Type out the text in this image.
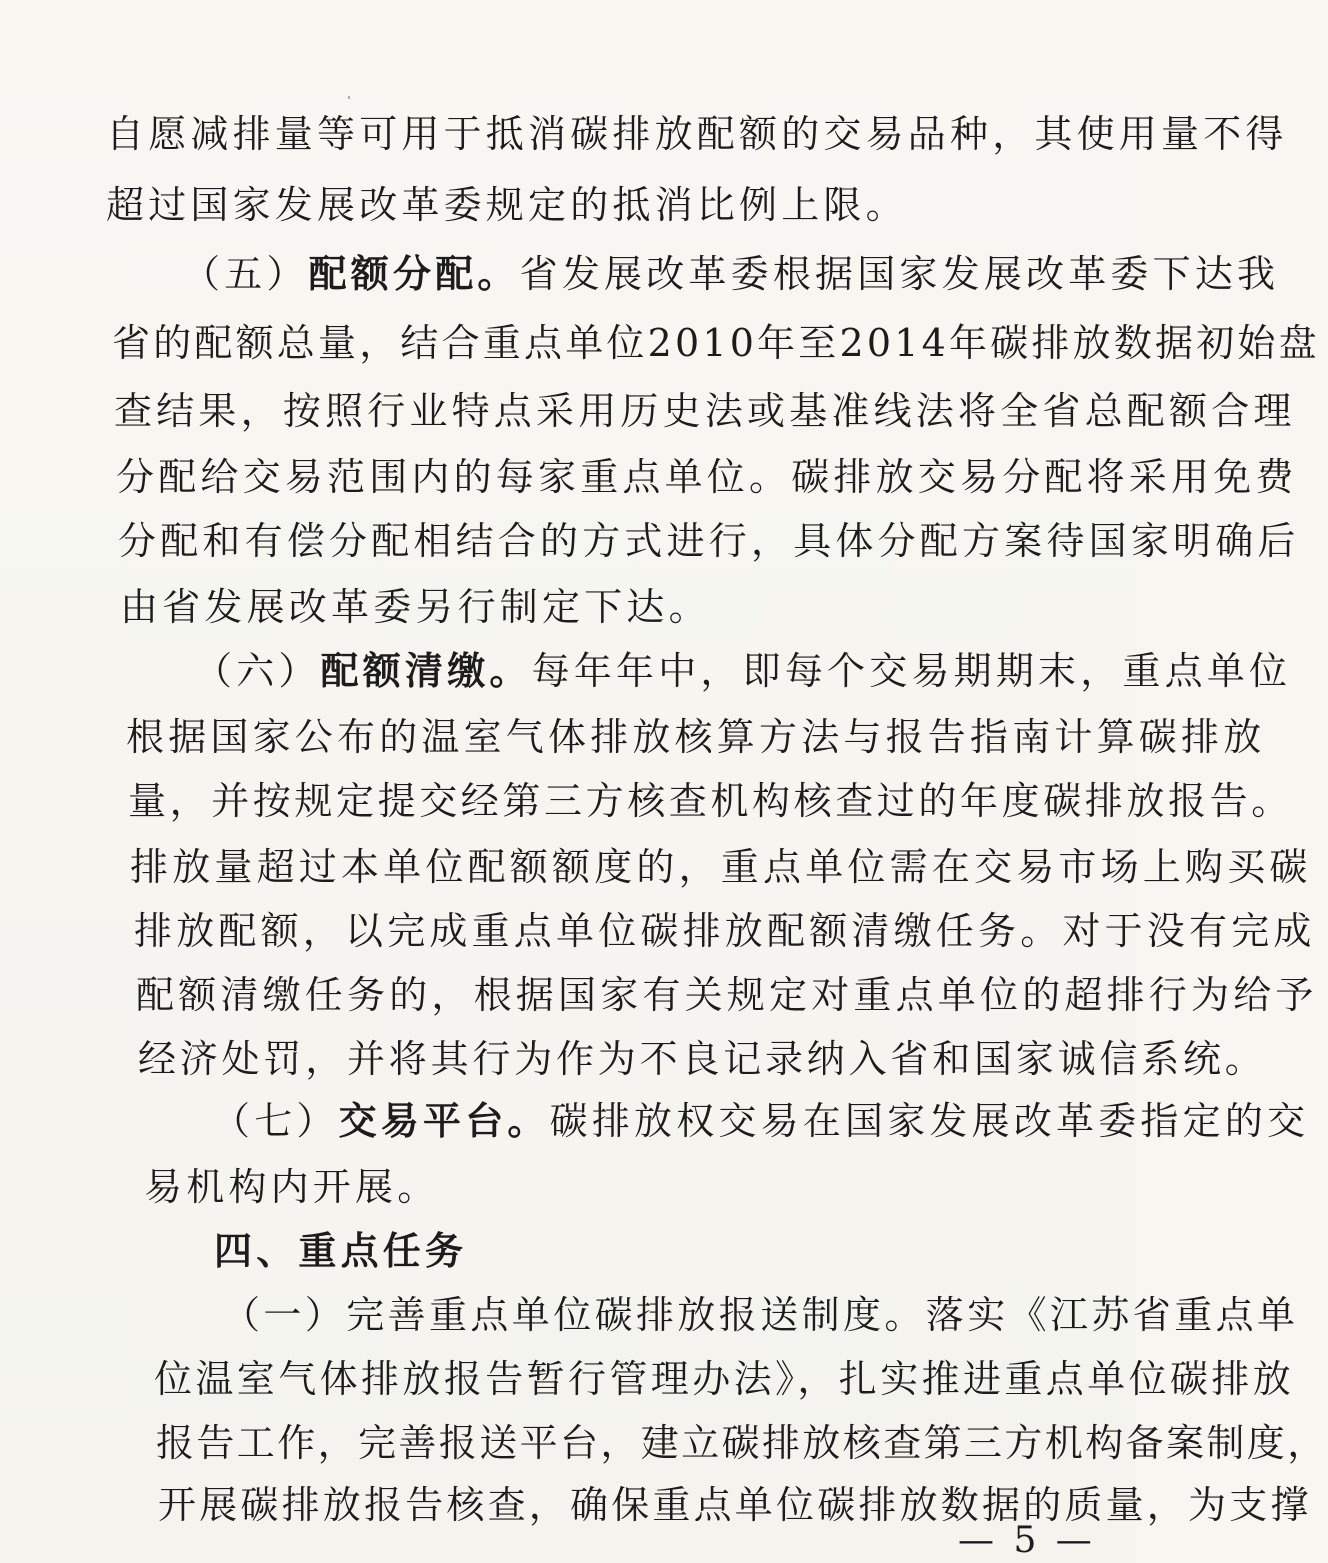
自愿减排量等可用于抵消碳排放配额的交易品种，其使用量不得
超过国家发展改革委规定的抵消比例上限。
（五）配额分配。省发展改革委根据国家发展改革委下达我
省的配额总量，结合重点单位2010年至2014年碳排放数据初始盘
查结果，按照行业特点采用历史法或基准线法将全省总配额合理
分配给交易范围内的每家重点单位。碳排放交易分配将采用免费
分配和有偿分配相结合的方式进行，具体分配方案待国家明确后
由省发展改革委另行制定下达。
（六）配额清缴。每年年中，即每个交易期期末，重点单位
根据国家公布的温室气体排放核算方法与报告指南计算碳排放
量，并按规定提交经第三方核查机构核查过的年度碳排放报告。
排放量超过本单位配额额度的，重点单位需在交易市场上购买碳
排放配额，以完成重点单位碳排放配额清缴任务。对于没有完成
配额清缴任务的，根据国家有关规定对重点单位的超排行为给予
经济处罚，并将其行为作为不良记录纳入省和国家诚信系统。
（七）交易平台。碳排放权交易在国家发展改革委指定的交
易机构内开展。
四、重点任务
（一）完善重点单位碳排放报送制度。落实《江苏省重点单
位温室气体排放报告暂行管理办法》，扎实推进重点单位碳排放
报告工作，完善报送平台，建立碳排放核查第三方机构备案制度，
开展碳排放报告核查，确保重点单位碳排放数据的质量，为支撑
— 5 —
